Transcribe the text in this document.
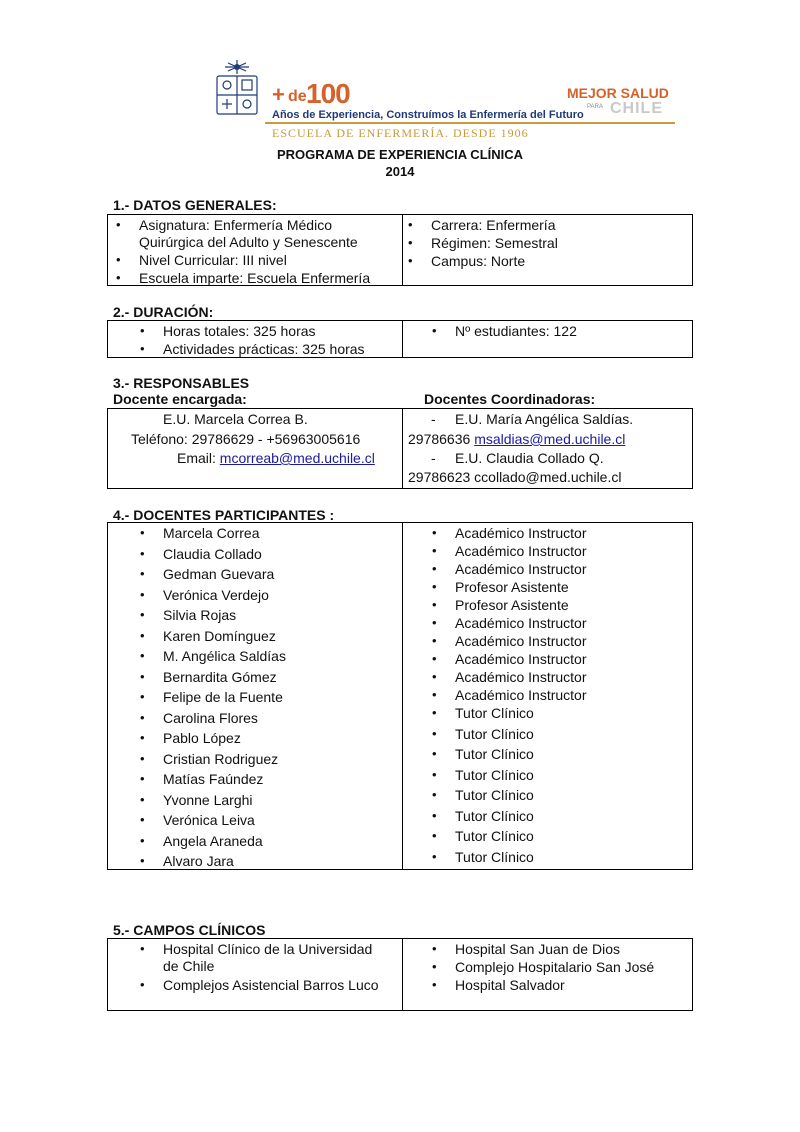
+ de 100
Años de Experiencia, Construímos la Enfermería del Futuro
MEJOR SALUD
PARA CHILE
ESCUELA DE ENFERMERÍA. DESDE 1906
PROGRAMA DE EXPERIENCIA CLÍNICA
2014
1.- DATOS GENERALES:
• Asignatura: Enfermería Médico
Quirúrgica del Adulto y Senescente
• Nivel Curricular: III nivel
• Escuela imparte: Escuela Enfermería
• Carrera: Enfermería
• Régimen: Semestral
• Campus: Norte
2.- DURACIÓN:
• Horas totales: 325 horas
• Actividades prácticas: 325 horas
• Nº estudiantes: 122
3.- RESPONSABLES
Docente encargada:	Docentes Coordinadoras:
E.U. Marcela Correa B.
Teléfono: 29786629 - +56963005616
Email: mcorreab@med.uchile.cl
- E.U. María Angélica Saldías.
29786636 msaldias@med.uchile.cl
- E.U. Claudia Collado Q.
29786623 ccollado@med.uchile.cl
4.- DOCENTES PARTICIPANTES :
• Marcela Correa
• Claudia Collado
• Gedman Guevara
• Verónica Verdejo
• Silvia Rojas
• Karen Domínguez
• M. Angélica Saldías
• Bernardita Gómez
• Felipe de la Fuente
• Carolina Flores
• Pablo López
• Cristian Rodriguez
• Matías Faúndez
• Yvonne Larghi
• Verónica Leiva
• Angela Araneda
• Alvaro Jara
• Académico Instructor
• Académico Instructor
• Académico Instructor
• Profesor Asistente
• Profesor Asistente
• Académico Instructor
• Académico Instructor
• Académico Instructor
• Académico Instructor
• Académico Instructor
• Tutor Clínico
• Tutor Clínico
• Tutor Clínico
• Tutor Clínico
• Tutor Clínico
• Tutor Clínico
• Tutor Clínico
• Tutor Clínico
5.- CAMPOS CLÍNICOS
• Hospital Clínico de la Universidad
de Chile
• Complejos Asistencial Barros Luco
• Hospital San Juan de Dios
• Complejo Hospitalario San José
• Hospital Salvador
